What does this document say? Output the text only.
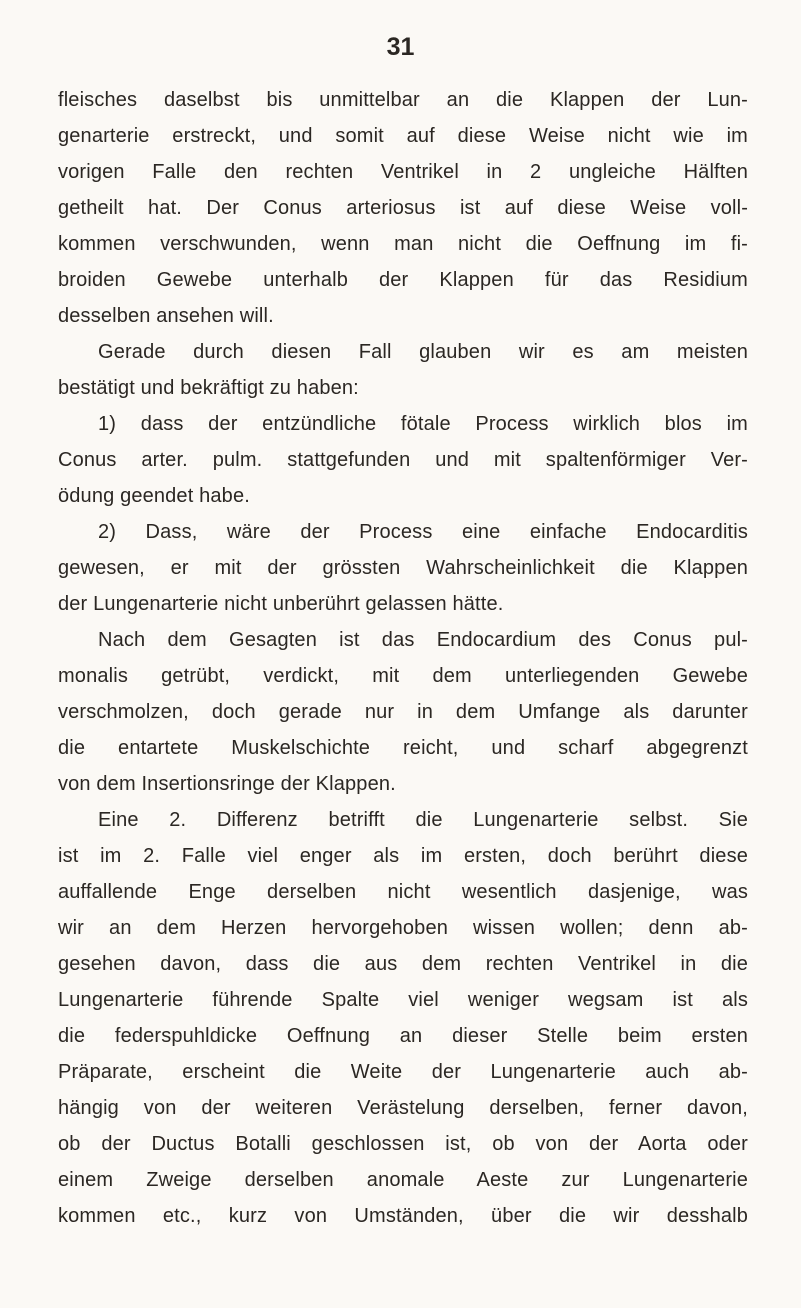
31
fleisches daselbst bis unmittelbar an die Klappen der Lun-
genarterie erstreckt, und somit auf diese Weise nicht wie im
vorigen Falle den rechten Ventrikel in 2 ungleiche Hälften
getheilt hat. Der Conus arteriosus ist auf diese Weise voll-
kommen verschwunden, wenn man nicht die Oeffnung im fi-
broiden Gewebe unterhalb der Klappen für das Residium
desselben ansehen will.
Gerade durch diesen Fall glauben wir es am meisten
bestätigt und bekräftigt zu haben:
1) dass der entzündliche fötale Process wirklich blos im
Conus arter. pulm. stattgefunden und mit spaltenförmiger Ver-
ödung geendet habe.
2) Dass, wäre der Process eine einfache Endocarditis
gewesen, er mit der grössten Wahrscheinlichkeit die Klappen
der Lungenarterie nicht unberührt gelassen hätte.
Nach dem Gesagten ist das Endocardium des Conus pul-
monalis getrübt, verdickt, mit dem unterliegenden Gewebe
verschmolzen, doch gerade nur in dem Umfange als darunter
die entartete Muskelschichte reicht, und scharf abgegrenzt
von dem Insertionsringe der Klappen.
Eine 2. Differenz betrifft die Lungenarterie selbst. Sie
ist im 2. Falle viel enger als im ersten, doch berührt diese
auffallende Enge derselben nicht wesentlich dasjenige, was
wir an dem Herzen hervorgehoben wissen wollen; denn ab-
gesehen davon, dass die aus dem rechten Ventrikel in die
Lungenarterie führende Spalte viel weniger wegsam ist als
die federspuhldicke Oeffnung an dieser Stelle beim ersten
Präparate, erscheint die Weite der Lungenarterie auch ab-
hängig von der weiteren Verästelung derselben, ferner davon,
ob der Ductus Botalli geschlossen ist, ob von der Aorta oder
einem Zweige derselben anomale Aeste zur Lungenarterie
kommen etc., kurz von Umständen, über die wir desshalb
